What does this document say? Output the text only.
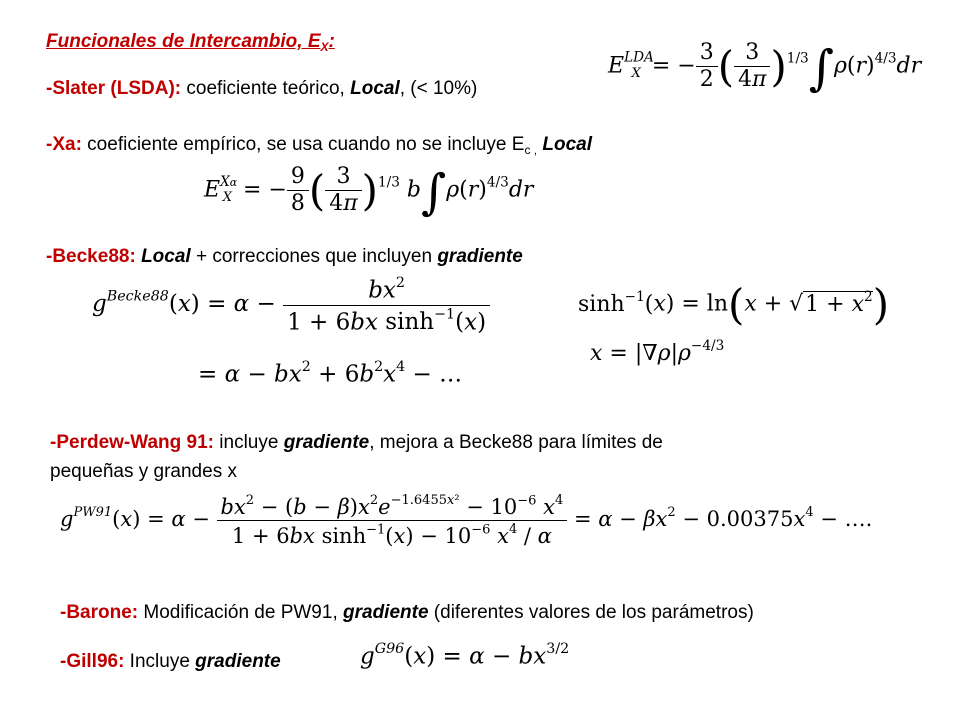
Funcionales de Intercambio, $E_X$:
-Slater (LSDA): coeficiente teórico, Local, (< 10%)
$E^{LDA}_X$  = − $\frac{3}{2}$ ( $\frac{3}{4\pi} )^{1/3}\int\rho(r)^{4/3}dr$
-Xa: coeficiente empírico, se usa cuando no se incluye $E_{c ,}$ Local
$E^{X\alpha}_X$  = − $\frac{9}{8}$ ( $\frac{3}{4\pi} )^{1/3}$ $b\int\rho(r)^{4/3}dr$
-Becke88: Local + correcciones que incluyen gradiente
$g^{Becke88}(x) = \alpha - \frac{bx^2}{1 + 6bx \sinh^{-1}(x)}$
= $\alpha - bx^2 + 6b^2x^4$ − …
$\sinh^{-1}(x) = \ln(x + √1 + x^2)$
$x = |\nabla\rho|\rho^{-4/3}$
-Perdew-Wang 91: incluye gradiente, mejora a Becke88 para límites de
pequeñas y grandes x
$g^{PW91}(x) = \alpha - \frac{bx^2 - (b - \beta)x^2e^{-1.6455x^2} - 10^{-6} x^4}{1 + 6bx \sinh^{-1}(x) - 10^{-6} x^4 / \alpha} = \alpha - \beta x^2 - 0.00375x^4$ − ….
-Barone: Modificación de PW91, gradiente (diferentes valores de los parámetros)
-Gill96: Incluye gradiente	$g^{G96}(x) = \alpha - bx^{3/2}$
